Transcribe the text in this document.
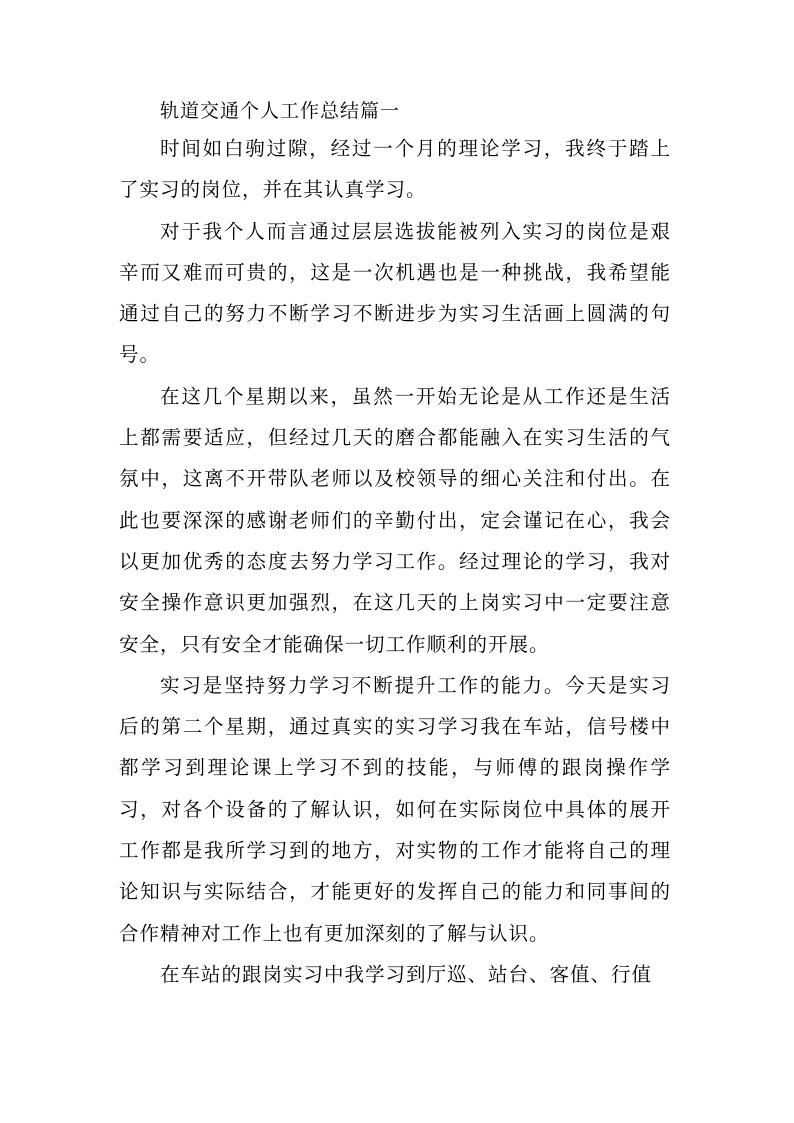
轨道交通个人工作总结篇一

时间如白驹过隙，经过一个月的理论学习，我终于踏上了实习的岗位，并在其认真学习。

对于我个人而言通过层层选拔能被列入实习的岗位是艰辛而又难而可贵的，这是一次机遇也是一种挑战，我希望能通过自己的努力不断学习不断进步为实习生活画上圆满的句号。

在这几个星期以来，虽然一开始无论是从工作还是生活上都需要适应，但经过几天的磨合都能融入在实习生活的气氛中，这离不开带队老师以及校领导的细心关注和付出。在此也要深深的感谢老师们的辛勤付出，定会谨记在心，我会以更加优秀的态度去努力学习工作。经过理论的学习，我对安全操作意识更加强烈，在这几天的上岗实习中一定要注意安全，只有安全才能确保一切工作顺利的开展。

实习是坚持努力学习不断提升工作的能力。今天是实习后的第二个星期，通过真实的实习学习我在车站，信号楼中都学习到理论课上学习不到的技能，与师傅的跟岗操作学习，对各个设备的了解认识，如何在实际岗位中具体的展开工作都是我所学习到的地方，对实物的工作才能将自己的理论知识与实际结合，才能更好的发挥自己的能力和同事间的合作精神对工作上也有更加深刻的了解与认识。

在车站的跟岗实习中我学习到厅巡、站台、客值、行值
